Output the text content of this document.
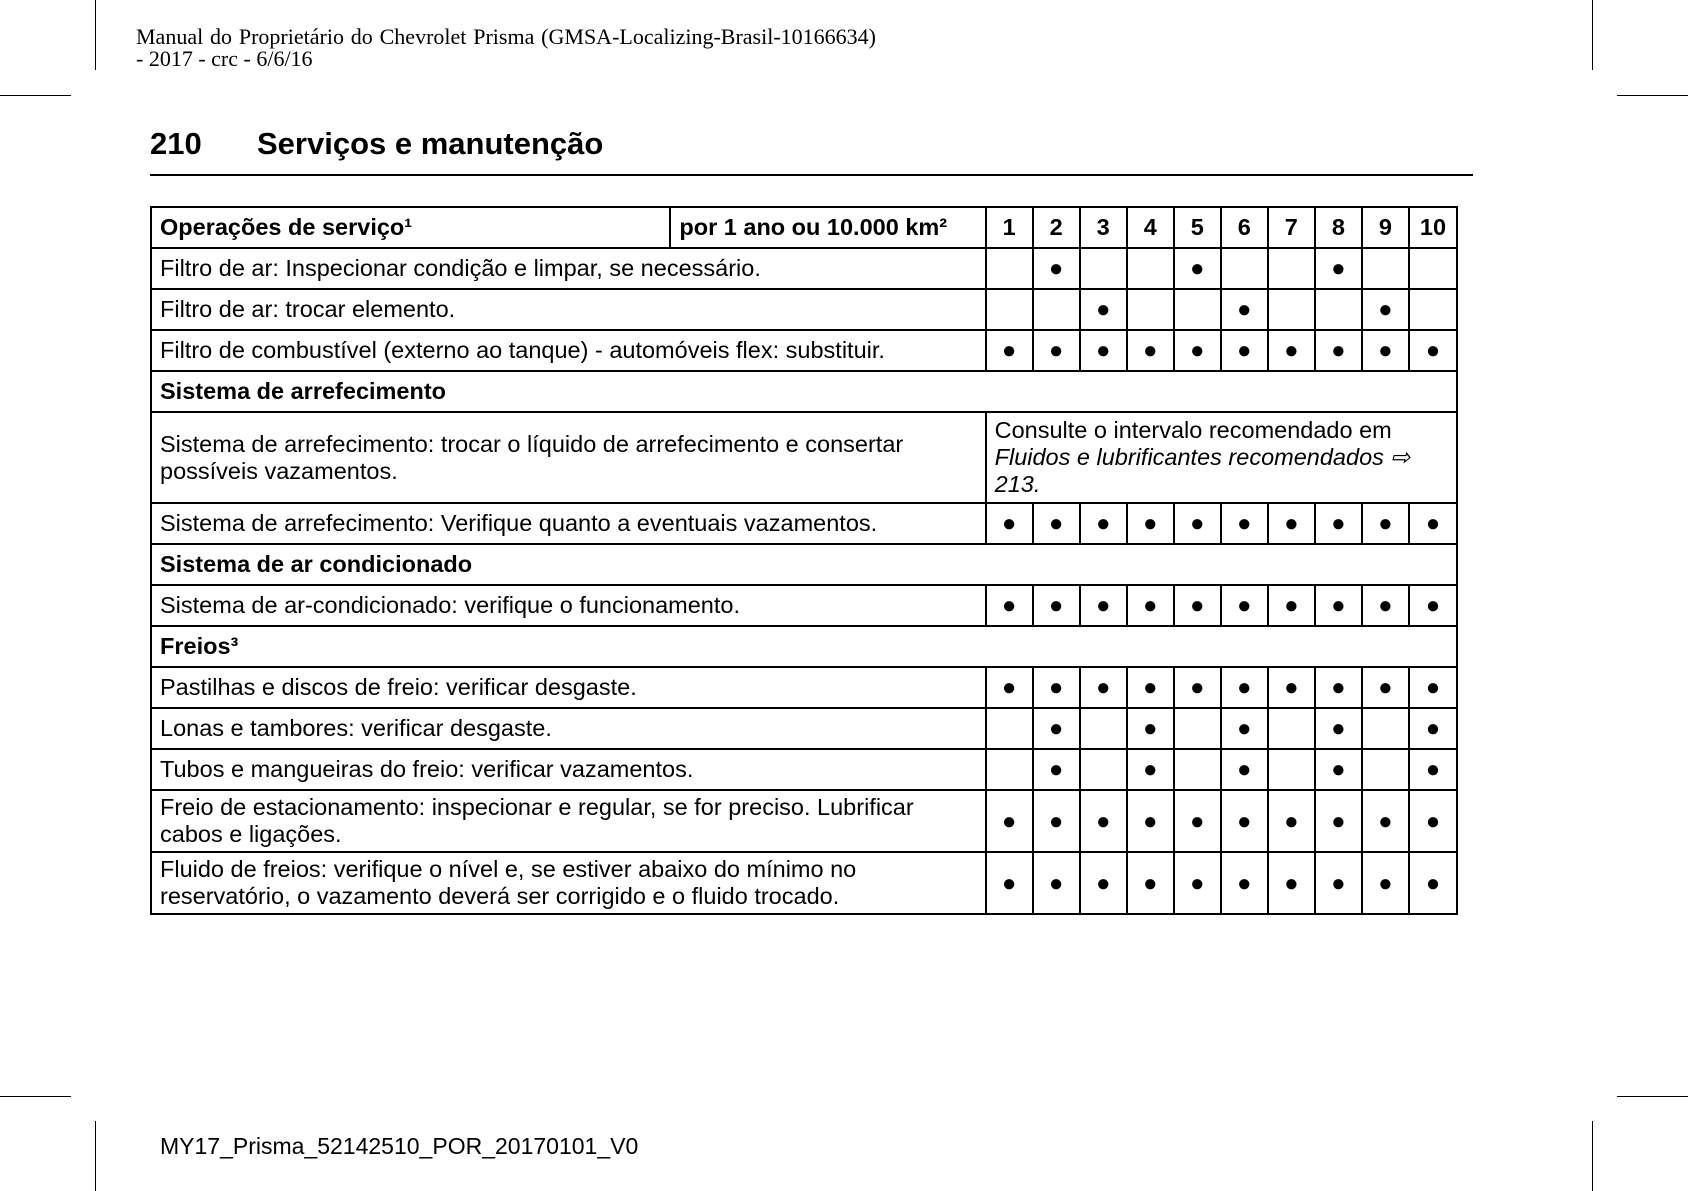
Manual do Proprietário do Chevrolet Prisma (GMSA-Localizing-Brasil-10166634) - 2017 - crc - 6/6/16
210 Serviços e manutenção
Operações de serviço¹	por 1 ano ou 10.000 km²	1	2	3	4	5	6	7	8	9	10
Filtro de ar: Inspecionar condição e limpar, se necessário.			●			●			●		
Filtro de ar: trocar elemento.				●			●			●	
Filtro de combustível (externo ao tanque) - automóveis flex: substituir.		●	●	●	●	●	●	●	●	●	●
Sistema de arrefecimento											
Sistema de arrefecimento: trocar o líquido de arrefecimento e consertar possíveis vazamentos.		Consulte o intervalo recomendado em
Fluidos e lubrificantes recomendados ⇨ 213.									
Sistema de arrefecimento: Verifique quanto a eventuais vazamentos.		●	●	●	●	●	●	●	●	●	●
Sistema de ar condicionado											
Sistema de ar-condicionado: verifique o funcionamento.		●	●	●	●	●	●	●	●	●	●
Freios³											
Pastilhas e discos de freio: verificar desgaste.		●	●	●	●	●	●	●	●	●	●
Lonas e tambores: verificar desgaste.			●		●		●		●		●
Tubos e mangueiras do freio: verificar vazamentos.			●		●		●		●		●
Freio de estacionamento: inspecionar e regular, se for preciso. Lubrificar cabos e ligações.		●	●	●	●	●	●	●	●	●	●
Fluido de freios: verifique o nível e, se estiver abaixo do mínimo no reservatório, o vazamento deverá ser corrigido e o fluido trocado.		●	●	●	●	●	●	●	●	●	●
MY17_Prisma_52142510_POR_20170101_V0
